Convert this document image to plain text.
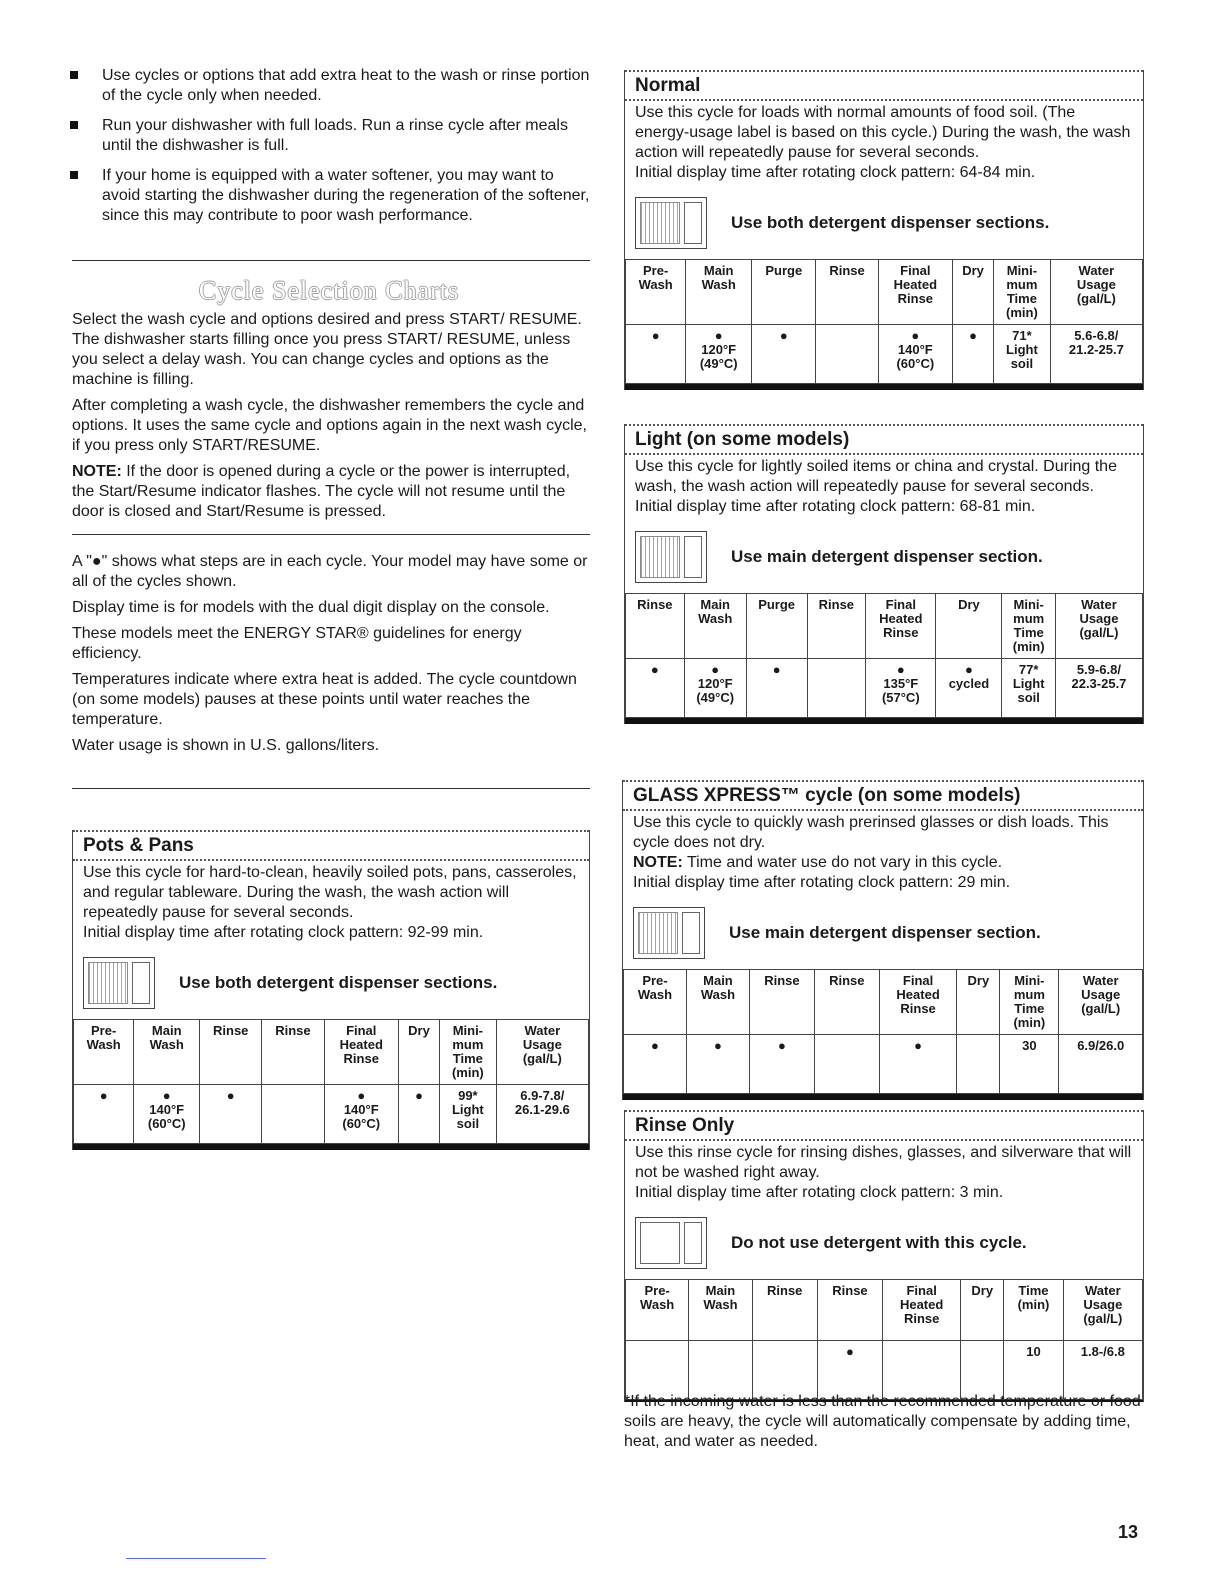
Use cycles or options that add extra heat to the wash or rinse portion of the cycle only when needed.
Run your dishwasher with full loads. Run a rinse cycle after meals until the dishwasher is full.
If your home is equipped with a water softener, you may want to avoid starting the dishwasher during the regeneration of the softener, since this may contribute to poor wash performance.
Cycle Selection Charts

Select the wash cycle and options desired and press START/ RESUME. The dishwasher starts filling once you press START/ RESUME, unless you select a delay wash. You can change cycles and options as the machine is filling.

After completing a wash cycle, the dishwasher remembers the cycle and options. It uses the same cycle and options again in the next wash cycle, if you press only START/RESUME.

NOTE: If the door is opened during a cycle or the power is interrupted, the Start/Resume indicator flashes. The cycle will not resume until the door is closed and Start/Resume is pressed.

A "●" shows what steps are in each cycle. Your model may have some or all of the cycles shown.

Display time is for models with the dual digit display on the console.

These models meet the ENERGY STAR® guidelines for energy efficiency.

Temperatures indicate where extra heat is added. The cycle countdown (on some models) pauses at these points until water reaches the temperature.

Water usage is shown in U.S. gallons/liters.

Pots & Pans

Use this cycle for hard-to-clean, heavily soiled pots, pans, casseroles, and regular tableware. During the wash, the wash action will repeatedly pause for several seconds.

Initial display time after rotating clock pattern: 92-99 min.

Use both detergent dispenser sections.
Pre-
Wash	Main
Wash	Rinse	Rinse	Final
Heated
Rinse	Dry	Mini-
mum
Time
(min)	Water
Usage
(gal/L)
●	●
140°F
(60°C)	●		●
140°F
(60°C)	●	99*
Light
soil	6.9-7.8/
26.1-29.6
Normal

Use this cycle for loads with normal amounts of food soil. (The energy-usage label is based on this cycle.) During the wash, the wash action will repeatedly pause for several seconds.

Initial display time after rotating clock pattern: 64-84 min.

Use both detergent dispenser sections.
Pre-
Wash	Main
Wash	Purge	Rinse	Final
Heated
Rinse	Dry	Mini-
mum
Time
(min)	Water
Usage
(gal/L)
●	●
120°F
(49°C)	●		●
140°F
(60°C)	●	71*
Light
soil	5.6-6.8/
21.2-25.7
Light (on some models)

Use this cycle for lightly soiled items or china and crystal. During the wash, the wash action will repeatedly pause for several seconds.

Initial display time after rotating clock pattern: 68-81 min.

Use main detergent dispenser section.
Rinse	Main
Wash	Purge	Rinse	Final
Heated
Rinse	Dry	Mini-
mum
Time
(min)	Water
Usage
(gal/L)
●	●
120°F
(49°C)	●		●
135°F
(57°C)	●
cycled	77*
Light
soil	5.9-6.8/
22.3-25.7
GLASS XPRESS™ cycle (on some models)

Use this cycle to quickly wash prerinsed glasses or dish loads. This cycle does not dry.

NOTE: Time and water use do not vary in this cycle.

Initial display time after rotating clock pattern: 29 min.

Use main detergent dispenser section.
Pre-
Wash	Main
Wash	Rinse	Rinse	Final
Heated
Rinse	Dry	Mini-
mum
Time
(min)	Water
Usage
(gal/L)
●	●	●		●		30	6.9/26.0
Rinse Only

Use this rinse cycle for rinsing dishes, glasses, and silverware that will not be washed right away.

Initial display time after rotating clock pattern: 3 min.

Do not use detergent with this cycle.
Pre-
Wash	Main
Wash	Rinse	Rinse	Final
Heated
Rinse	Dry	Time
(min)	Water
Usage
(gal/L)
			●			10	1.8-/6.8
*If the incoming water is less than the recommended temperature or food soils are heavy, the cycle will automatically compensate by adding time, heat, and water as needed.
13
